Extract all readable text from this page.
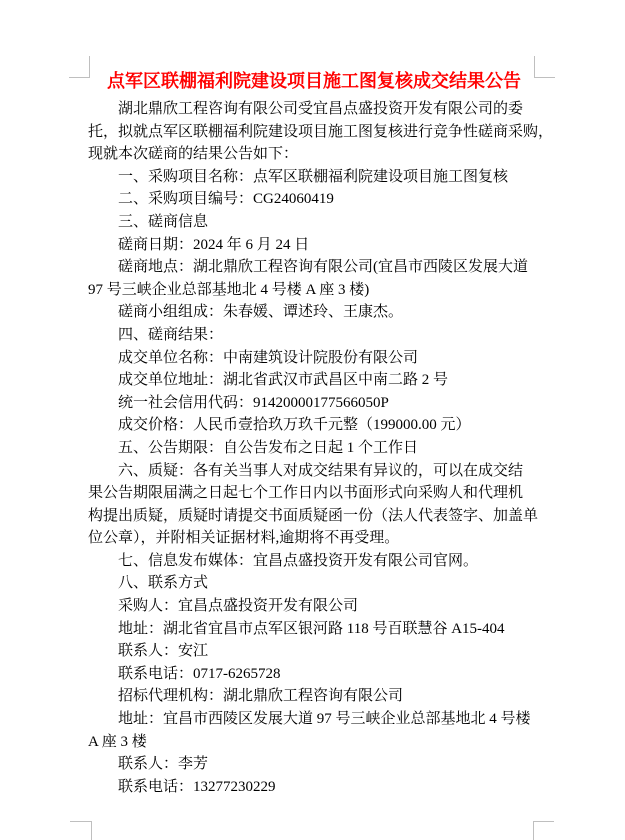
点军区联棚福利院建设项目施工图复核成交结果公告
湖北鼎欣工程咨询有限公司受宜昌点盛投资开发有限公司的委
托，拟就点军区联棚福利院建设项目施工图复核进行竞争性磋商采购，
现就本次磋商的结果公告如下：
一、采购项目名称：点军区联棚福利院建设项目施工图复核
二、采购项目编号：CG24060419
三、磋商信息
磋商日期：2024 年 6 月 24 日
磋商地点：湖北鼎欣工程咨询有限公司(宜昌市西陵区发展大道
97 号三峡企业总部基地北 4 号楼 A 座 3 楼)
磋商小组组成：朱春媛、谭述玲、王康杰。
四、磋商结果：
成交单位名称：中南建筑设计院股份有限公司
成交单位地址：湖北省武汉市武昌区中南二路 2 号
统一社会信用代码：91420000177566050P
成交价格：人民币壹拾玖万玖千元整（199000.00 元）
五、公告期限：自公告发布之日起 1 个工作日
六、质疑：各有关当事人对成交结果有异议的，可以在成交结
果公告期限届满之日起七个工作日内以书面形式向采购人和代理机
构提出质疑，质疑时请提交书面质疑函一份（法人代表签字、加盖单
位公章），并附相关证据材料,逾期将不再受理。
七、信息发布媒体：宜昌点盛投资开发有限公司官网。
八、联系方式
采购人：宜昌点盛投资开发有限公司
地址：湖北省宜昌市点军区银河路 118 号百联慧谷 A15-404
联系人：安江
联系电话：0717-6265728
招标代理机构：湖北鼎欣工程咨询有限公司
地址：宜昌市西陵区发展大道 97 号三峡企业总部基地北 4 号楼
A 座 3 楼
联系人：李芳
联系电话：13277230229
